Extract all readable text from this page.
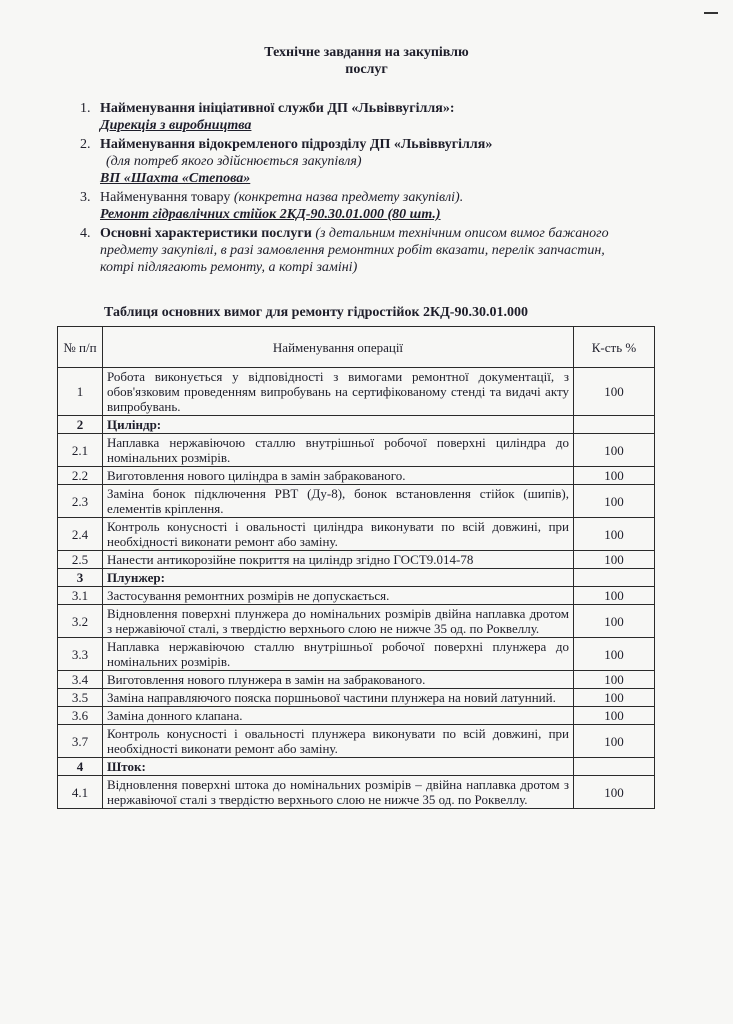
Технічне завдання на закупівлю
послуг
1. Найменування ініціативної служби ДП «Львіввугілля»:
Дирекція з виробництва
2. Найменування відокремленого підрозділу ДП «Львіввугілля»
(для потреб якого здійснюється закупівля)
ВП «Шахта «Степова»
3. Найменування товару (конкретна назва предмету закупівлі).
Ремонт гідравлічних стійок 2КД-90.30.01.000 (80 шт.)
4. Основні характеристики послуги (з детальним технічним описом вимог бажаного предмету закупівлі, в разі замовлення ремонтних робіт вказати, перелік запчастин, котрі підлягають ремонту, а котрі заміні)
Таблиця основних вимог для ремонту гідростійок 2КД-90.30.01.000
№ п/п	Найменування операції	К-сть %
1	Робота виконується у відповідності з вимогами ремонтної документації, з обов'язковим проведенням випробувань на сертифікованому стенді та видачі акту випробувань.	100
2	Циліндр:	
2.1	Наплавка нержавіючою сталлю внутрішньої робочої поверхні циліндра до номінальних розмірів.	100
2.2	Виготовлення нового циліндра в замін забракованого.	100
2.3	Заміна бонок підключення РВТ (Ду-8), бонок встановлення стійок (шипів), елементів кріплення.	100
2.4	Контроль конусності і овальності циліндра виконувати по всій довжині, при необхідності виконати ремонт або заміну.	100
2.5	Нанести антикорозійне покриття на циліндр згідно ГОСТ9.014-78	100
3	Плунжер:	
3.1	Застосування ремонтних розмірів не допускається.	100
3.2	Відновлення поверхні плунжера до номінальних розмірів двійна наплавка дротом з нержавіючої сталі, з твердістю верхнього слою не нижче 35 од. по Роквеллу.	100
3.3	Наплавка нержавіючою сталлю внутрішньої робочої поверхні плунжера до номінальних розмірів.	100
3.4	Виготовлення нового плунжера в замін на забракованого.	100
3.5	Заміна направляючого пояска поршньової частини плунжера на новий латунний.	100
3.6	Заміна донного клапана.	100
3.7	Контроль конусності і овальності плунжера виконувати по всій довжині, при необхідності виконати ремонт або заміну.	100
4	Шток:	
4.1	Відновлення поверхні штока до номінальних розмірів – двійна наплавка дротом з нержавіючої сталі з твердістю верхнього слою не нижче 35 од. по Роквеллу.	100
